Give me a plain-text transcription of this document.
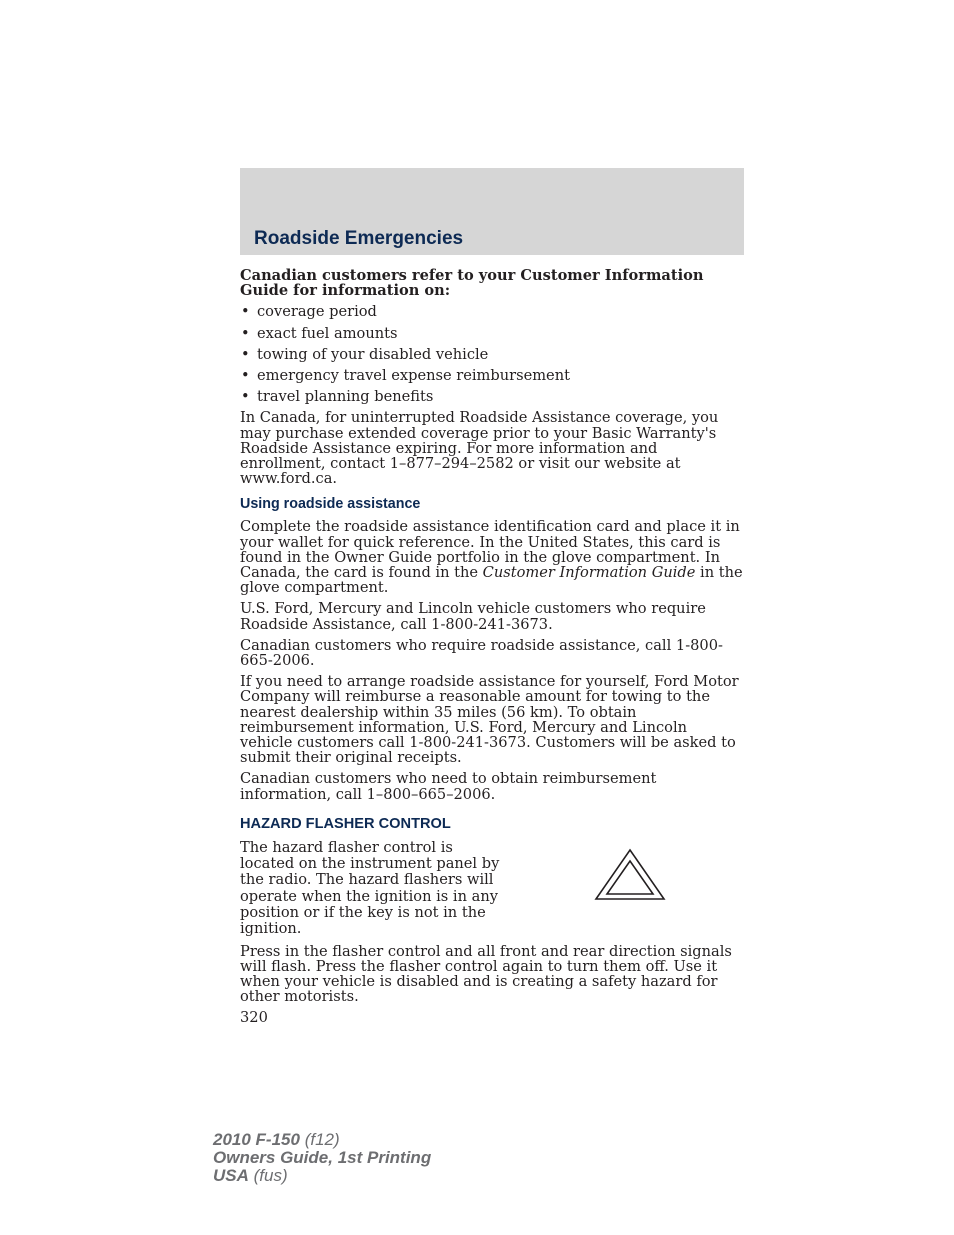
Roadside Emergencies

Canadian customers refer to your Customer Information Guide for information on:

• coverage period
• exact fuel amounts
• towing of your disabled vehicle
• emergency travel expense reimbursement
• travel planning benefits

In Canada, for uninterrupted Roadside Assistance coverage, you may purchase extended coverage prior to your Basic Warranty's Roadside Assistance expiring. For more information and enrollment, contact 1–877–294–2582 or visit our website at www.ford.ca.

Using roadside assistance

Complete the roadside assistance identification card and place it in your wallet for quick reference. In the United States, this card is found in the Owner Guide portfolio in the glove compartment. In Canada, the card is found in the Customer Information Guide in the glove compartment.

U.S. Ford, Mercury and Lincoln vehicle customers who require Roadside Assistance, call 1-800-241-3673.

Canadian customers who require roadside assistance, call 1-800-665-2006.

If you need to arrange roadside assistance for yourself, Ford Motor Company will reimburse a reasonable amount for towing to the nearest dealership within 35 miles (56 km). To obtain reimbursement information, U.S. Ford, Mercury and Lincoln vehicle customers call 1-800-241-3673. Customers will be asked to submit their original receipts.

Canadian customers who need to obtain reimbursement information, call 1–800–665–2006.

HAZARD FLASHER CONTROL

The hazard flasher control is located on the instrument panel by the radio. The hazard flashers will operate when the ignition is in any position or if the key is not in the ignition.

Press in the flasher control and all front and rear direction signals will flash. Press the flasher control again to turn them off. Use it when your vehicle is disabled and is creating a safety hazard for other motorists.

320

2010 F-150 (f12)
Owners Guide, 1st Printing
USA (fus)
